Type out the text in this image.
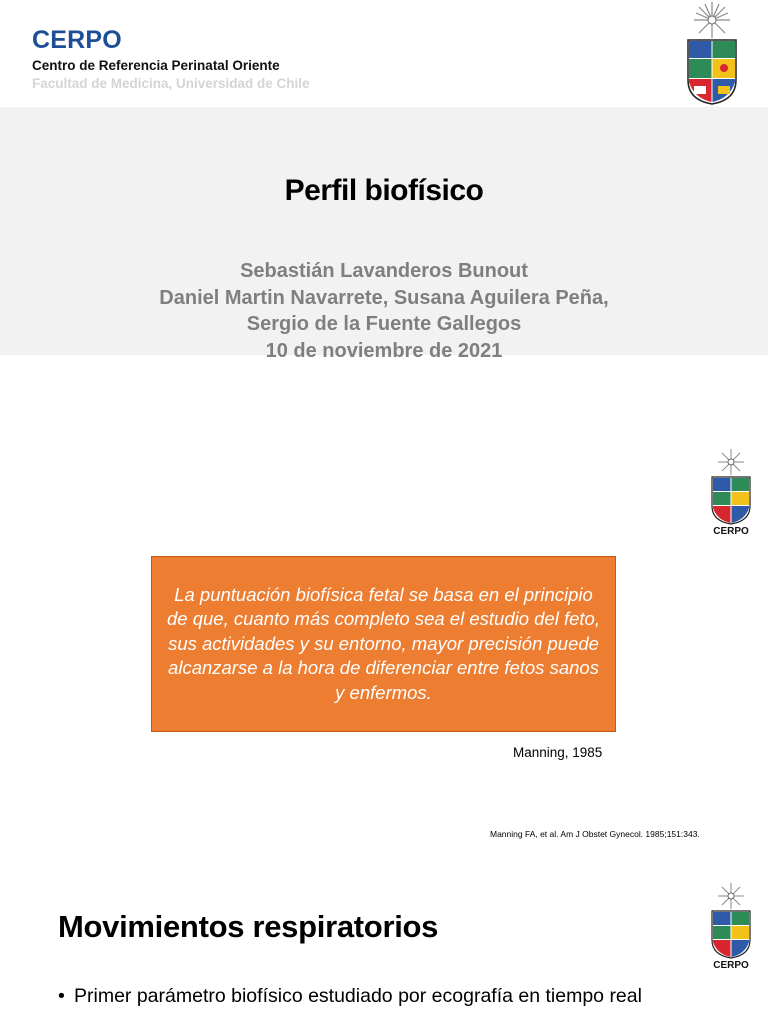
CERPO
Centro de Referencia Perinatal Oriente
Facultad de Medicina, Universidad de Chile
Perfil biofísico
Sebastián Lavanderos Bunout
Daniel Martin Navarrete, Susana Aguilera Peña,
Sergio de la Fuente Gallegos
10 de noviembre de 2021
CERPO
La puntuación biofísica fetal se basa en el principio de que, cuanto más completo sea el estudio del feto, sus actividades y su entorno, mayor precisión puede alcanzarse a la hora de diferenciar entre fetos sanos y enfermos.
Manning, 1985
Manning FA, et al. Am J Obstet Gynecol. 1985;151:343.
CERPO
Movimientos respiratorios
• Primer parámetro biofísico estudiado por ecografía en tiempo real
